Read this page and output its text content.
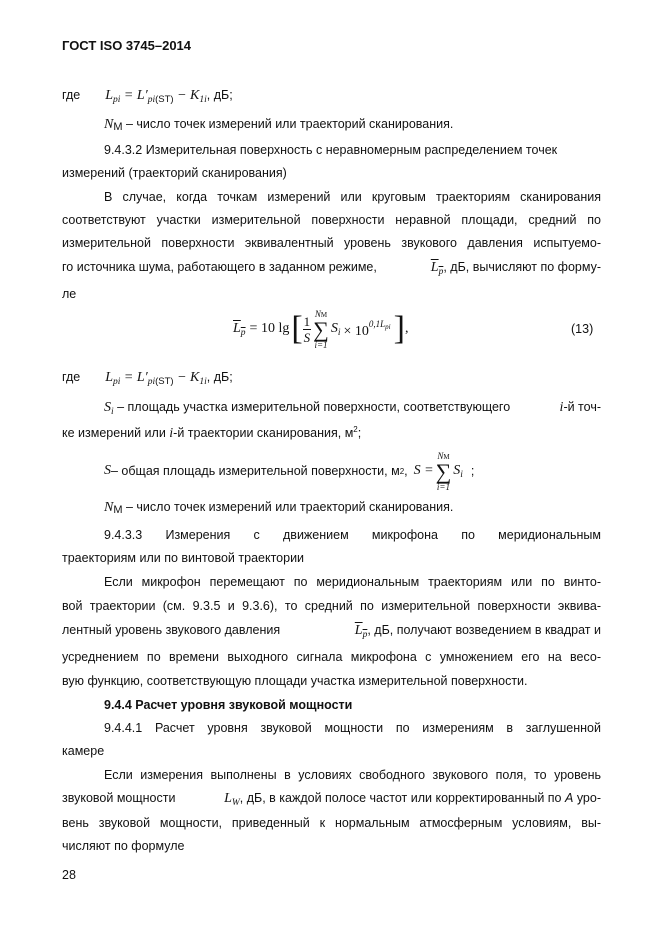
ГОСТ ISO 3745–2014
где $L_{pi} = L'_{pi(ST)} - K_{1i}$, дБ;
NM – число точек измерений или траекторий сканирования.
9.4.3.2 Измерительная поверхность с неравномерным распределением точек
измерений (траекторий сканирования)
В случае, когда точкам измерений или круговым траекториям сканирования
соответствуют участки измерительной поверхности неравной площади, средний по
измерительной поверхности эквивалентный уровень звукового давления испытуемо-
го источника шума, работающего в заданном режиме,	$L_p$, дБ, вычисляют по форму-
ле
$L_p = 10$ lg [ $\frac{1}{S}$ NM
∑
i=1
$S_i \times 10^{0,1L_{pi}}$ ] ,	(13)
где $L_{pi} = L'_{pi(ST)} - K_{1i}$, дБ;
$S_i$ – площадь участка измерительной поверхности, соответствующего	i-й точ-
ке измерений или i-й траектории сканирования, $м^2$;
S – общая площадь измерительной поверхности, м 2 , S =
NM
∑
i=1
$S_i$ ;
NM – число точек измерений или траекторий сканирования.
9.4.3.3 Измерения с движением микрофона по меридиональным
траекториям или по винтовой траектории
Если микрофон перемещают по меридиональным траекториям или по винто-
вой траектории (см. 9.3.5 и 9.3.6), то средний по измерительной поверхности эквива-
лентный уровень звукового давления	$L_p$, дБ, получают возведением в квадрат и
усреднением по времени выходного сигнала микрофона с умножением его на весо-
вую функцию, соответствующую площади участка измерительной поверхности.
9.4.4 Расчет уровня звуковой мощности
9.4.4.1 Расчет уровня звуковой мощности по измерениям в заглушенной
камере
Если измерения выполнены в условиях свободного звукового поля, то уровень
звуковой мощности	$L_W$, дБ, в каждой полосе частот или корректированный по A уро-
вень звуковой мощности, приведенный к нормальным атмосферным условиям, вы-
числяют по формуле
28
